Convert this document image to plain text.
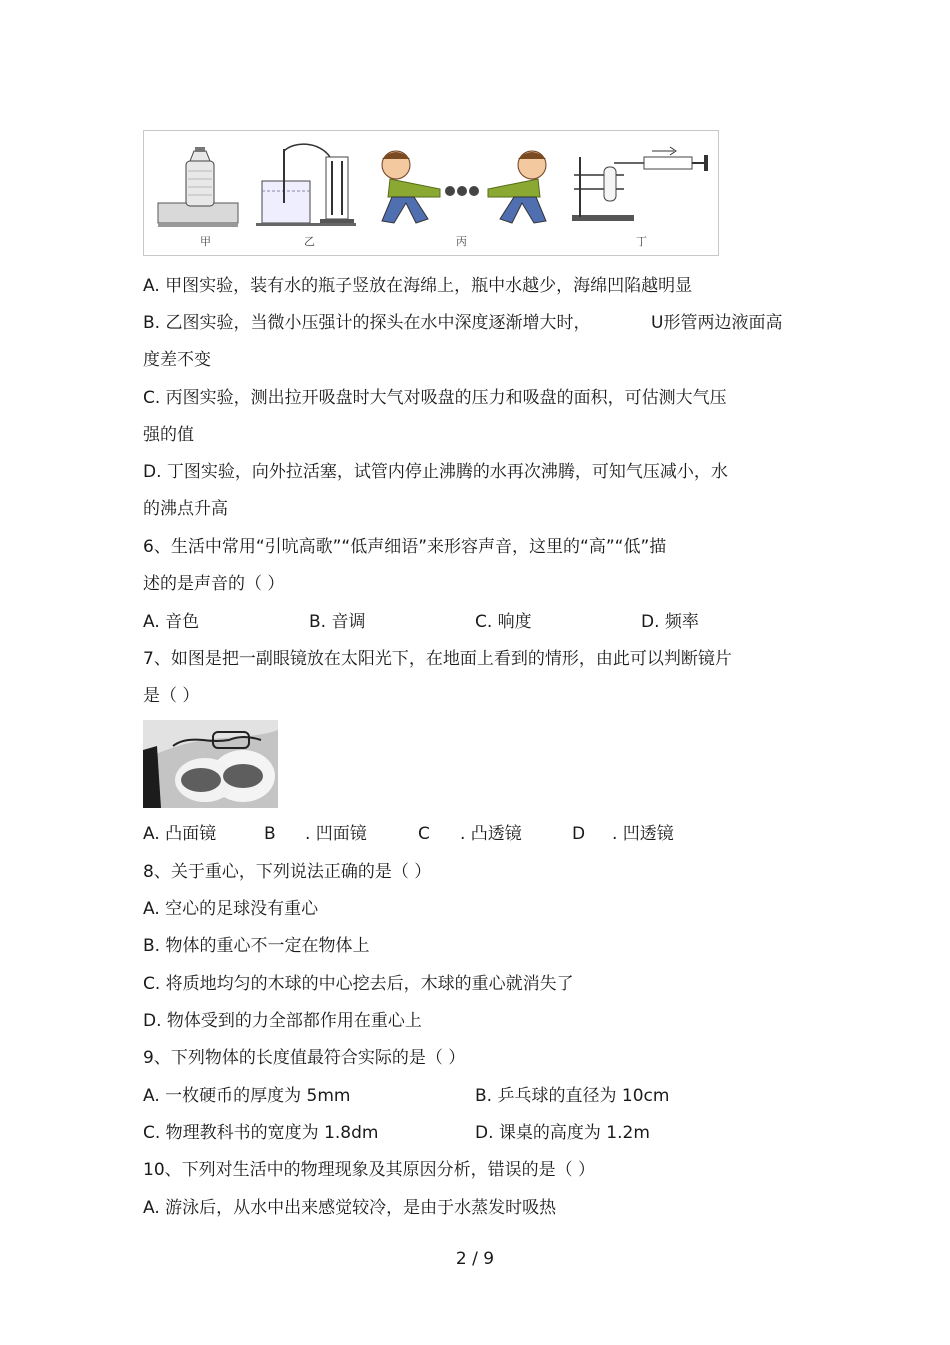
甲	乙	丙	丁
A. 甲图实验，装有水的瓶子竖放在海绵上，瓶中水越少，海绵凹陷越明显
B. 乙图实验，当微小压强计的探头在水中深度逐渐增大时，	U形管两边液面高
度差不变
C. 丙图实验，测出拉开吸盘时大气对吸盘的压力和吸盘的面积，可估测大气压
强的值
D. 丁图实验，向外拉活塞，试管内停止沸腾的水再次沸腾，可知气压减小，水
的沸点升高
6、生活中常用“引吭高歌”“低声细语”来形容声音，这里的“高”“低”描
述的是声音的（ ）
A. 音色	B. 音调	C. 响度	D. 频率
7、如图是把一副眼镜放在太阳光下，在地面上看到的情形，由此可以判断镜片
是（ ）
A. 凸面镜	B . 凹面镜	C . 凸透镜	D . 凹透镜
8、关于重心，下列说法正确的是（ ）
A. 空心的足球没有重心
B. 物体的重心不一定在物体上
C. 将质地均匀的木球的中心挖去后，木球的重心就消失了
D. 物体受到的力全部都作用在重心上
9、下列物体的长度值最符合实际的是（ ）
A. 一枚硬币的厚度为 5mm	B. 乒乓球的直径为 10cm
C. 物理教科书的宽度为 1.8dm	D. 课桌的高度为 1.2m
10、下列对生活中的物理现象及其原因分析，错误的是（ ）
A. 游泳后，从水中出来感觉较冷，是由于水蒸发时吸热
2 / 9
